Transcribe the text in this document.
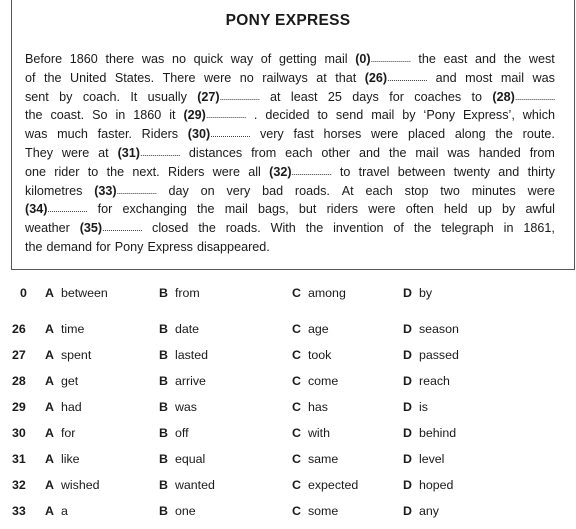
PONY EXPRESS
Before 1860 there was no quick way of getting mail (0).................... the east and the west
of the United States. There were no railways at that (26).................... and most mail was
sent by coach. It usually (27).................... at least 25 days for coaches to (28)....................
the coast. So in 1860 it (29).................... . decided to send mail by ‘Pony Express’, which
was much faster. Riders (30).................... very fast horses were placed along the route.
They were at (31).................... distances from each other and the mail was handed from
one rider to the next. Riders were all (32).................... to travel between twenty and thirty
kilometres (33).................... day on very bad roads. At each stop two minutes were
(34).................... for exchanging the mail bags, but riders were often held up by awful
weather (35).................... closed the roads. With the invention of the telegraph in 1861,
the demand for Pony Express disappeared.
0 A between	B from	C among	D by
26 A time	B date	C age	D season
27 A spent	B lasted	C took	D passed
28 A get	B arrive	C come	D reach
29 A had	B was	C has	D is
30 A for	B off	C with	D behind
31 A like	B equal	C same	D level
32 A wished	B wanted	C expected	D hoped
33 A a	B one	C some	D any
